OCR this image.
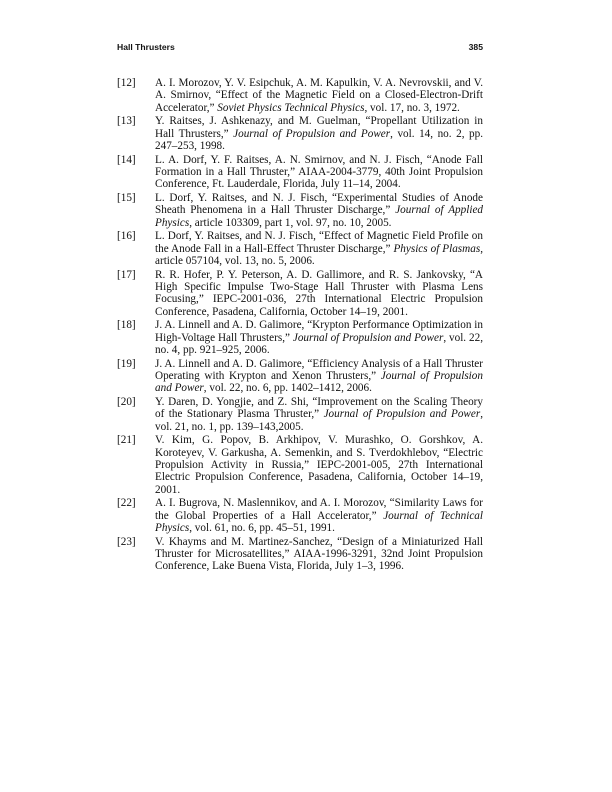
Hall Thrusters	385
[12] A. I. Morozov, Y. V. Esipchuk, A. M. Kapulkin, V. A. Nevrovskii, and V. A. Smirnov, “Effect of the Magnetic Field on a Closed-Electron-Drift Accelerator,” Soviet Physics Technical Physics, vol. 17, no. 3, 1972.
[13] Y. Raitses, J. Ashkenazy, and M. Guelman, “Propellant Utilization in Hall Thrusters,” Journal of Propulsion and Power, vol. 14, no. 2, pp. 247–253, 1998.
[14] L. A. Dorf, Y. F. Raitses, A. N. Smirnov, and N. J. Fisch, “Anode Fall Formation in a Hall Thruster,” AIAA-2004-3779, 40th Joint Propulsion Conference, Ft. Lauderdale, Florida, July 11–14, 2004.
[15] L. Dorf, Y. Raitses, and N. J. Fisch, “Experimental Studies of Anode Sheath Phenomena in a Hall Thruster Discharge,” Journal of Applied Physics, article 103309, part 1, vol. 97, no. 10, 2005.
[16] L. Dorf, Y. Raitses, and N. J. Fisch, “Effect of Magnetic Field Profile on the Anode Fall in a Hall-Effect Thruster Discharge,” Physics of Plasmas, article 057104, vol. 13, no. 5, 2006.
[17] R. R. Hofer, P. Y. Peterson, A. D. Gallimore, and R. S. Jankovsky, “A High Specific Impulse Two-Stage Hall Thruster with Plasma Lens Focusing,” IEPC-2001-036, 27th International Electric Propulsion Conference, Pasadena, California, October 14–19, 2001.
[18] J. A. Linnell and A. D. Galimore, “Krypton Performance Optimization in High-Voltage Hall Thrusters,” Journal of Propulsion and Power, vol. 22, no. 4, pp. 921–925, 2006.
[19] J. A. Linnell and A. D. Galimore, “Efficiency Analysis of a Hall Thruster Operating with Krypton and Xenon Thrusters,” Journal of Propulsion and Power, vol. 22, no. 6, pp. 1402–1412, 2006.
[20] Y. Daren, D. Yongjie, and Z. Shi, “Improvement on the Scaling Theory of the Stationary Plasma Thruster,” Journal of Propulsion and Power, vol. 21, no. 1, pp. 139–143,2005.
[21] V. Kim, G. Popov, B. Arkhipov, V. Murashko, O. Gorshkov, A. Koroteyev, V. Garkusha, A. Semenkin, and S. Tverdokhlebov, “Electric Propulsion Activity in Russia,” IEPC-2001-005, 27th International Electric Propulsion Conference, Pasadena, California, October 14–19, 2001.
[22] A. I. Bugrova, N. Maslennikov, and A. I. Morozov, “Similarity Laws for the Global Properties of a Hall Accelerator,” Journal of Technical Physics, vol. 61, no. 6, pp. 45–51, 1991.
[23] V. Khayms and M. Martinez-Sanchez, “Design of a Miniaturized Hall Thruster for Microsatellites,” AIAA-1996-3291, 32nd Joint Propulsion Conference, Lake Buena Vista, Florida, July 1–3, 1996.
